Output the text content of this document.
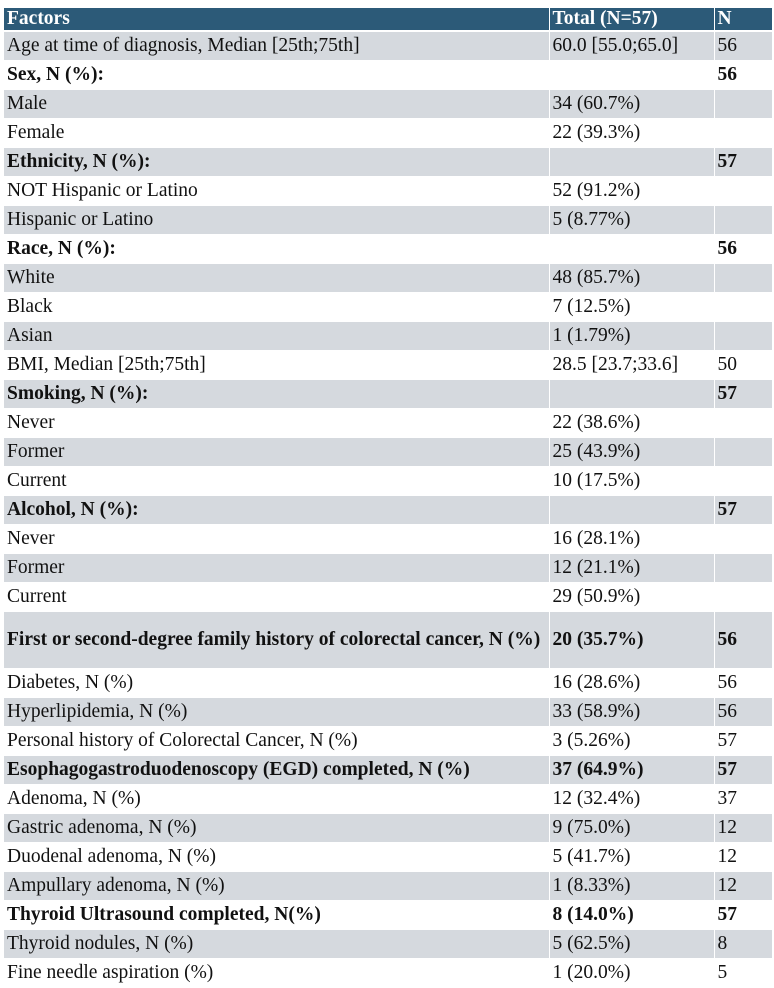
Factors	Total (N=57)	N
Age at time of diagnosis, Median [25th;75th]	60.0 [55.0;65.0]	56
Sex, N (%):		56
Male	34 (60.7%)	
Female	22 (39.3%)	
Ethnicity, N (%):		57
NOT Hispanic or Latino	52 (91.2%)	
Hispanic or Latino	5 (8.77%)	
Race, N (%):		56
White	48 (85.7%)	
Black	7 (12.5%)	
Asian	1 (1.79%)	
BMI, Median [25th;75th]	28.5 [23.7;33.6]	50
Smoking, N (%):		57
Never	22 (38.6%)	
Former	25 (43.9%)	
Current	10 (17.5%)	
Alcohol, N (%):		57
Never	16 (28.1%)	
Former	12 (21.1%)	
Current	29 (50.9%)	
First or second-degree family history of colorectal cancer, N (%)	20 (35.7%)	56
Diabetes, N (%)	16 (28.6%)	56
Hyperlipidemia, N (%)	33 (58.9%)	56
Personal history of Colorectal Cancer, N (%)	3 (5.26%)	57
Esophagogastroduodenoscopy (EGD) completed, N (%)	37 (64.9%)	57
Adenoma, N (%)	12 (32.4%)	37
Gastric adenoma, N (%)	9 (75.0%)	12
Duodenal adenoma, N (%)	5 (41.7%)	12
Ampullary adenoma, N (%)	1 (8.33%)	12
Thyroid Ultrasound completed, N(%)	8 (14.0%)	57
Thyroid nodules, N (%)	5 (62.5%)	8
Fine needle aspiration (%)	1 (20.0%)	5
